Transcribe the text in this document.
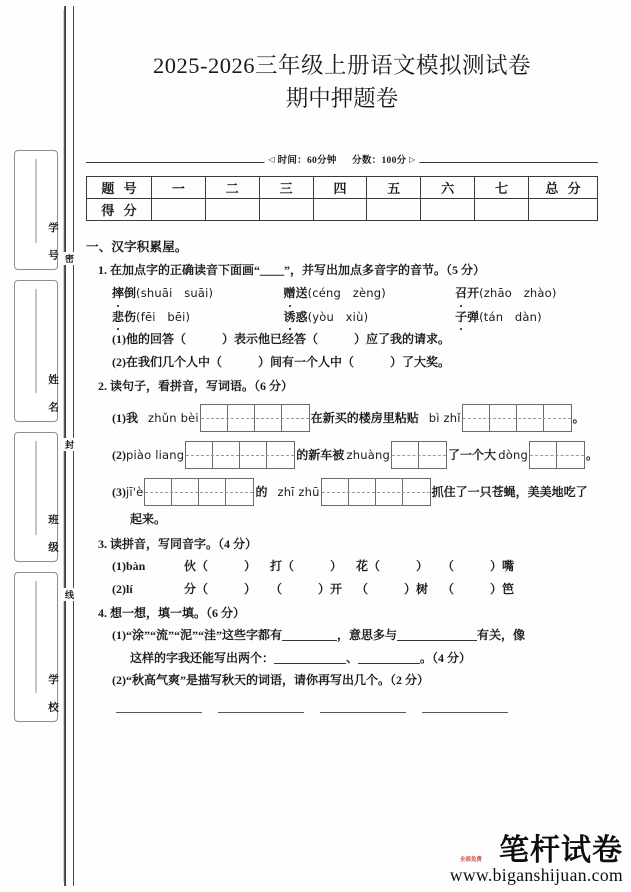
学 号
姓 名
班 级
学 校
密
封
线
2025-2026三年级上册语文模拟测试卷
期中押题卷
◁ 时间：60分钟 分数：100分 ▷
题 号	一	二	三	四	五	六	七	总 分
得 分								
一、汉字积累屋。
1. 在加点字的正确读音下面画“＿＿”，并写出加点多音字的音节。（5 分）
摔倒(shuāi　suāi)	赠送(céng　zèng)	召开(zhāo　zhào)
悲伤(fēi　bēi)	诱惑(yòu　xiù)	子弹(tán　dàn)
(1)他的回答（　　　）表示他已经答（　　　）应了我的请求。
(2)在我们几个人中（　　　）间有一个人中（　　　）了大奖。
2. 读句子，看拼音，写词语。（6 分）
(1) 我 zhǔn bèi	在新买的楼房里粘贴 bì zhǐ	。
(2) piào liang	的新车被 zhuàng	了一个大 dòng	。
(3) jī'è	的 zhī zhū	抓住了一只苍蝇，美美地吃了
起来。
3. 读拼音，写同音字。（4 分）
(1)bàn	伙（　　　）	打（　　　）	花（　　　）	（　　　）嘴
(2)lí	分（　　　）	（　　　）开	（　　　）树	（　　　）笆
4. 想一想，填一填。（6 分）
(1)“涂”“流”“泥”“洼”这些字都有	，意思多与	有关，像
这样的字我还能写出两个：	、	。（4 分）
(2)“秋高气爽”是描写秋天的词语，请你再写出几个。（2 分）
全部免费 笔杆试卷
www.biganshijuan.com
